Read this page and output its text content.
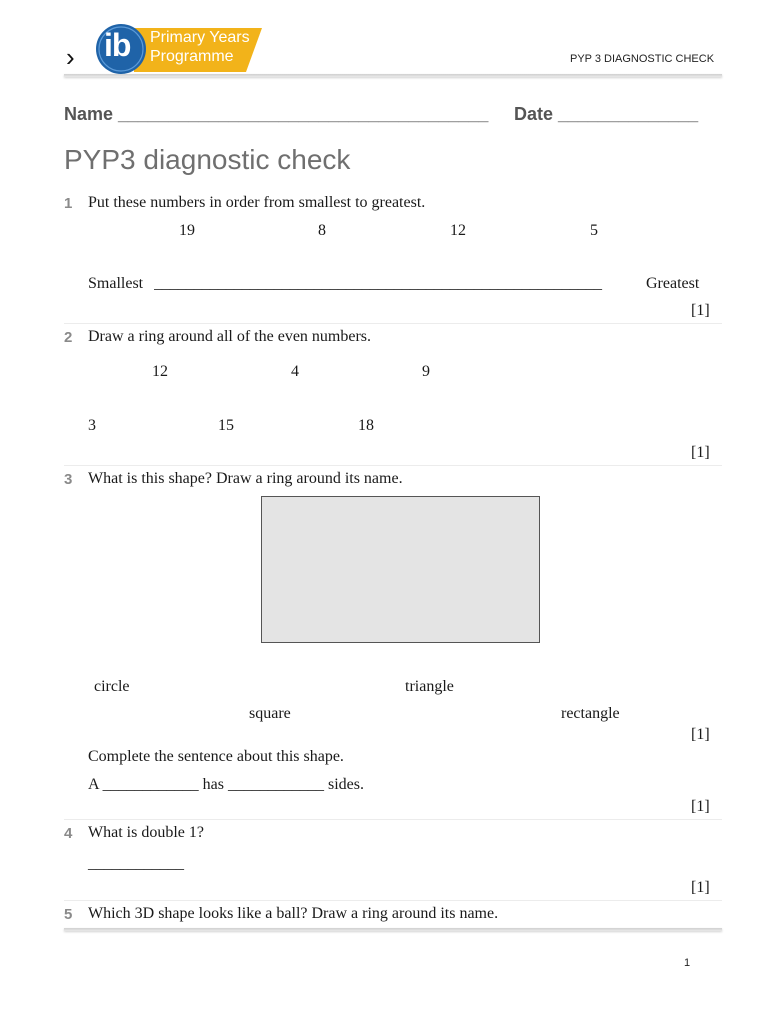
› ib Primary Years
Programme	PYP 3 DIAGNOSTIC CHECK
Name _____________________________________ Date ______________
PYP3 diagnostic check
1 Put these numbers in order from smallest to greatest.
19	8	12	5
Smallest ________________________________________________________	Greatest
[1]
2 Draw a ring around all of the even numbers.
12	4	9
3	15	18
[1]
3 What is this shape? Draw a ring around its name.
circle	triangle
square	rectangle
[1]
Complete the sentence about this shape.
A ____________ has ____________ sides.
[1]
4 What is double 1?
____________
[1]
5 Which 3D shape looks like a ball? Draw a ring around its name.
1
